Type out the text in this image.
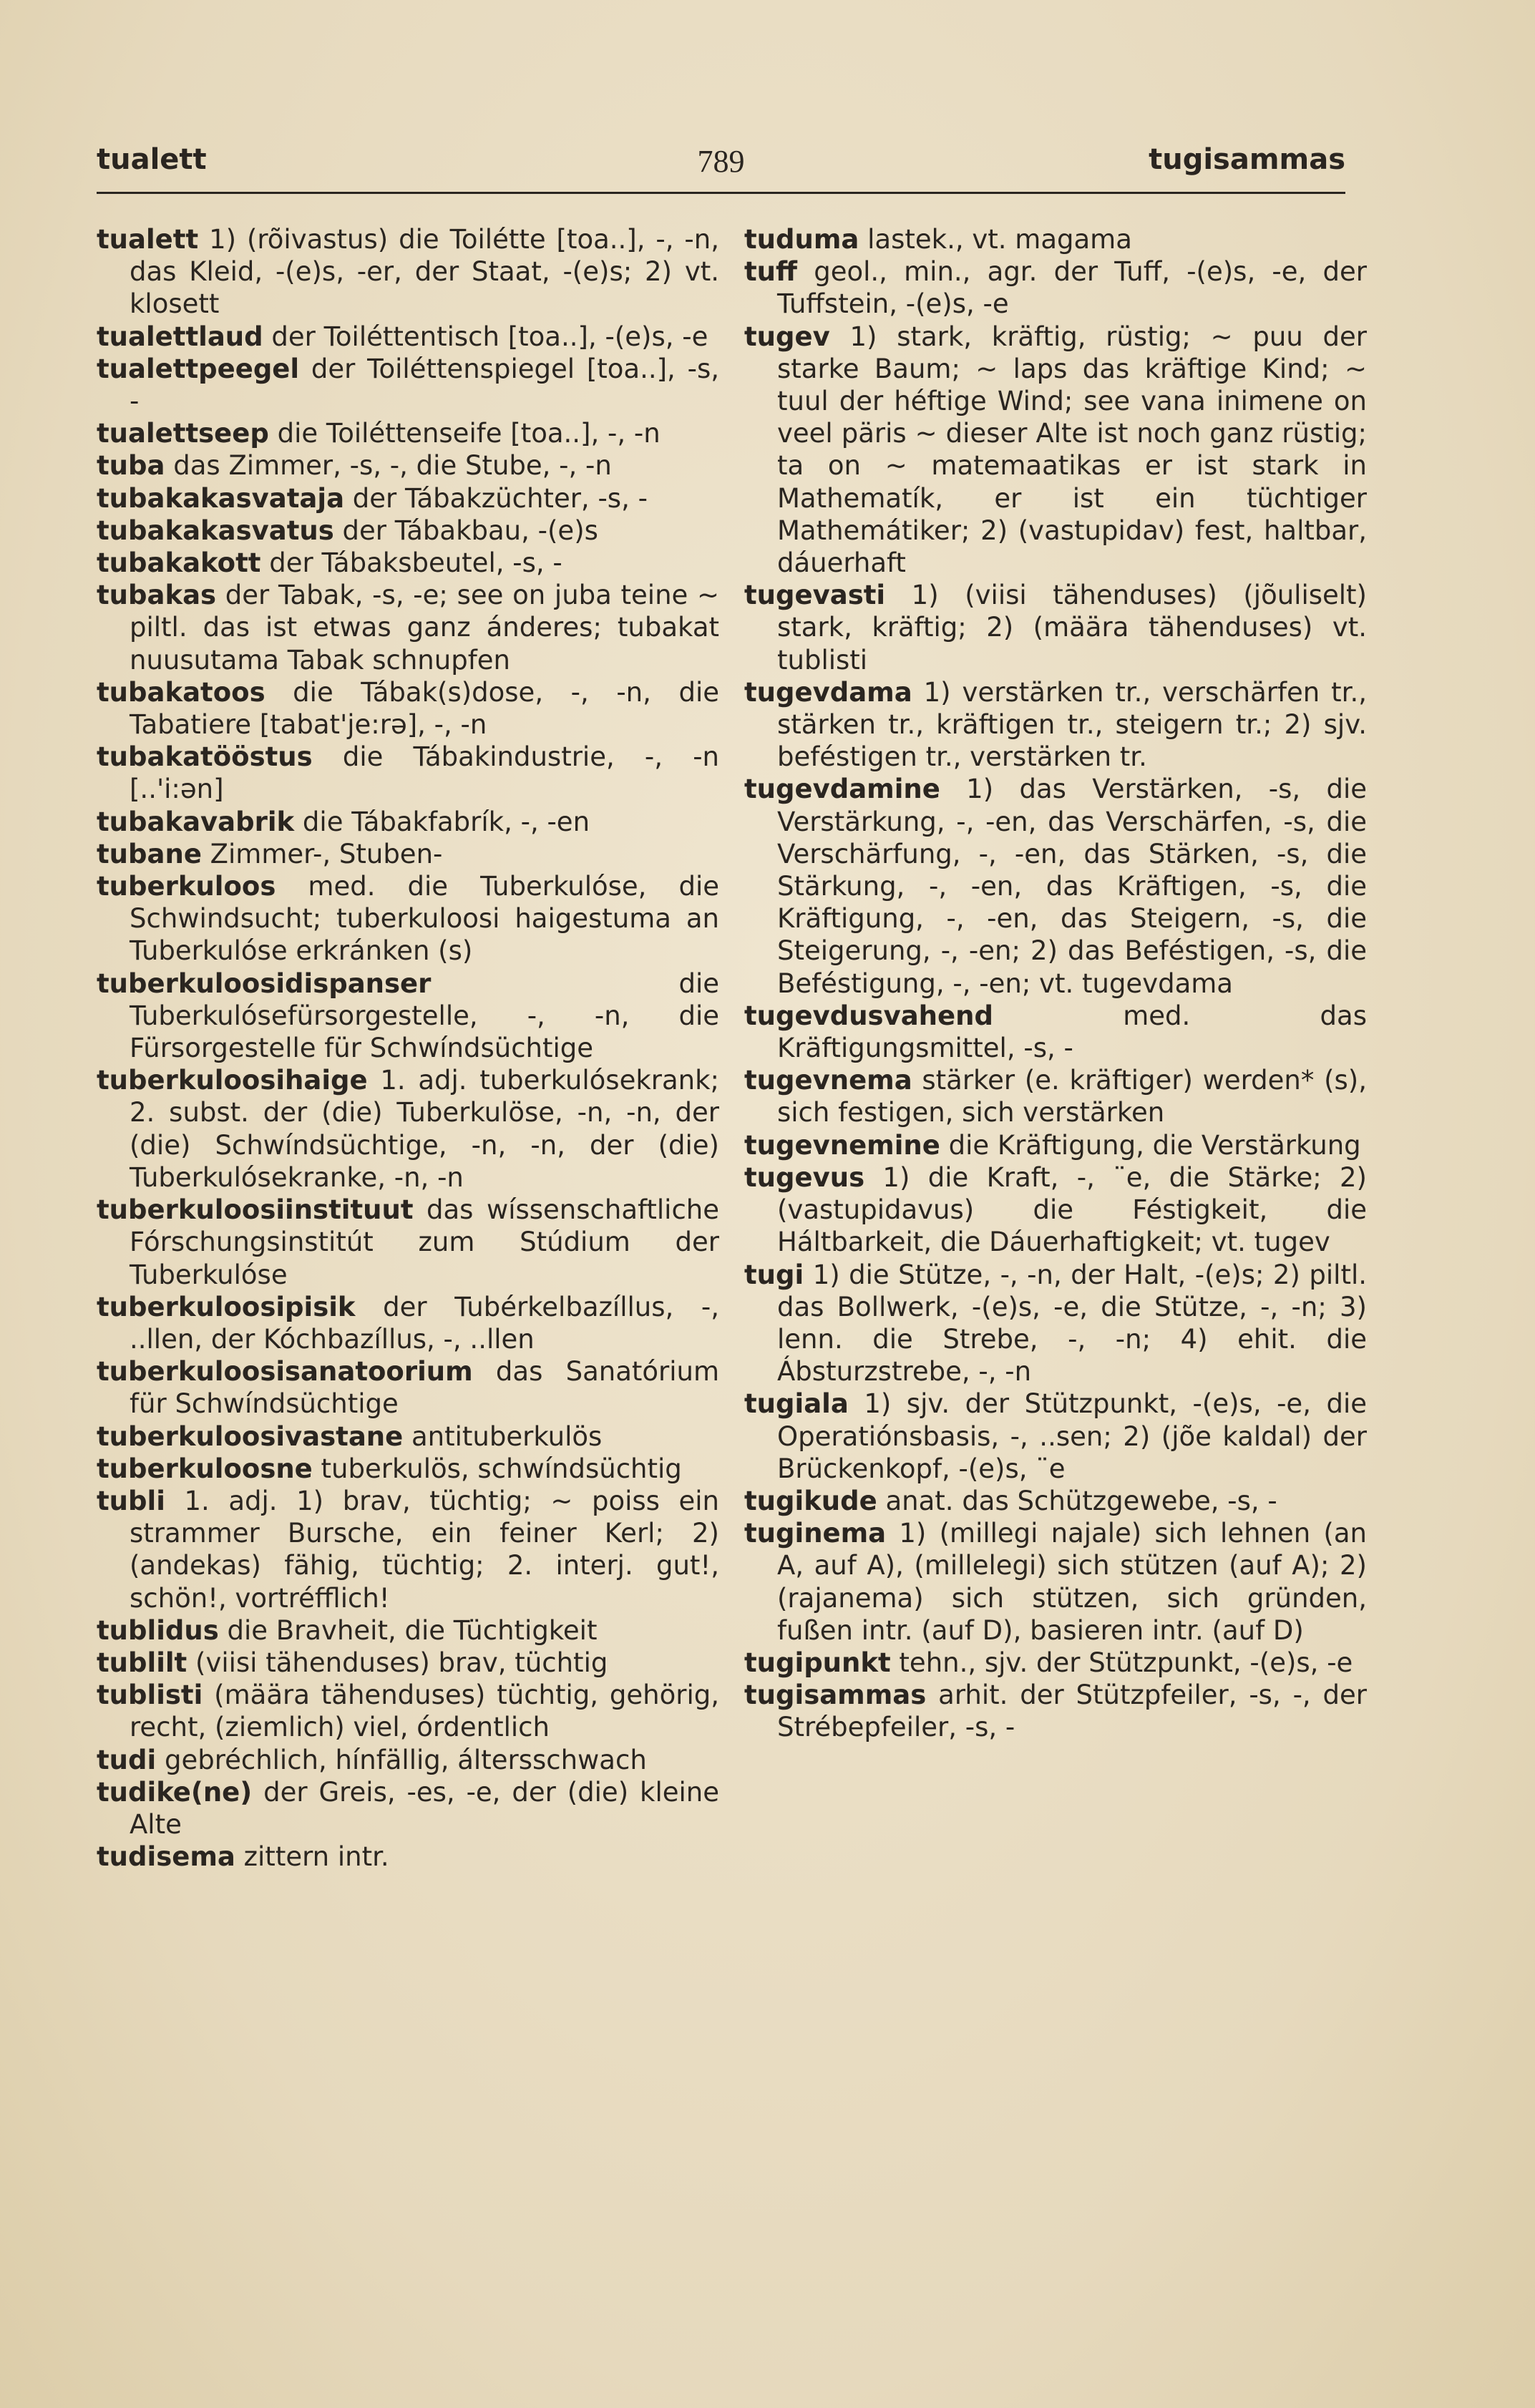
tualett	789	tugisammas

tualett 1) (rõivastus) die Toilétte [toa..], -, -n, das Kleid, -(e)s, -er, der Staat, -(e)s; 2) vt. klosett

tualettlaud der Toiléttentisch [toa..], -(e)s, -e

tualettpeegel der Toiléttenspiegel [toa..], -s, -

tualettseep die Toiléttenseife [toa..], -, -n

tuba das Zimmer, -s, -, die Stube, -, -n

tubakakasvataja der Tábakzüchter, -s, -

tubakakasvatus der Tábakbau, -(e)s

tubakakott der Tábaksbeutel, -s, -

tubakas der Tabak, -s, -e; see on juba teine ~ piltl. das ist etwas ganz ánderes; tubakat nuusutama Tabak schnupfen

tubakatoos die Tábak(s)dose, -, -n, die Tabatiere [tabat'je:rə], -, -n

tubakatööstus die Tábakindustrie, -, -n [..'i:ən]

tubakavabrik die Tábakfabrík, -, -en

tubane Zimmer-, Stuben-

tuberkuloos med. die Tuberkulóse, die Schwindsucht; tuberkuloosi haigestuma an Tuberkulóse erkránken (s)

tuberkuloosidispanser die Tuberkulósefürsorgestelle, -, -n, die Fürsorgestelle für Schwíndsüchtige

tuberkuloosihaige 1. adj. tuberkulósekrank; 2. subst. der (die) Tuberkulöse, -n, -n, der (die) Schwíndsüchtige, -n, -n, der (die) Tuberkulósekranke, -n, -n

tuberkuloosiinstituut das wíssenschaftliche Fórschungsinstitút zum Stúdium der Tuberkulóse

tuberkuloosipisik der Tubérkelbazíllus, -, ..llen, der Kóchbazíllus, -, ..llen

tuberkuloosisanatoorium das Sanatórium für Schwíndsüchtige

tuberkuloosivastane antituberkulös

tuberkuloosne tuberkulös, schwíndsüchtig

tubli 1. adj. 1) brav, tüchtig; ~ poiss ein strammer Bursche, ein feiner Kerl; 2) (andekas) fähig, tüchtig; 2. interj. gut!, schön!, vortréfflich!

tublidus die Bravheit, die Tüchtigkeit

tublilt (viisi tähenduses) brav, tüchtig

tublisti (määra tähenduses) tüchtig, gehörig, recht, (ziemlich) viel, órdentlich

tudi gebréchlich, hínfällig, áltersschwach

tudike(ne) der Greis, -es, -e, der (die) kleine Alte

tudisema zittern intr.

tuduma lastek., vt. magama

tuff geol., min., agr. der Tuff, -(e)s, -e, der Tuffstein, -(e)s, -e

tugev 1) stark, kräftig, rüstig; ~ puu der starke Baum; ~ laps das kräftige Kind; ~ tuul der héftige Wind; see vana inimene on veel päris ~ dieser Alte ist noch ganz rüstig; ta on ~ matemaatikas er ist stark in Mathematík, er ist ein tüchtiger Mathemátiker; 2) (vastupidav) fest, haltbar, dáuerhaft

tugevasti 1) (viisi tähenduses) (jõuliselt) stark, kräftig; 2) (määra tähenduses) vt. tublisti

tugevdama 1) verstärken tr., verschärfen tr., stärken tr., kräftigen tr., steigern tr.; 2) sjv. beféstigen tr., verstärken tr.

tugevdamine 1) das Verstärken, -s, die Verstärkung, -, -en, das Verschärfen, -s, die Verschärfung, -, -en, das Stärken, -s, die Stärkung, -, -en, das Kräftigen, -s, die Kräftigung, -, -en, das Steigern, -s, die Steigerung, -, -en; 2) das Beféstigen, -s, die Beféstigung, -, -en; vt. tugevdama

tugevdusvahend med. das Kräftigungsmittel, -s, -

tugevnema stärker (e. kräftiger) werden* (s), sich festigen, sich verstärken

tugevnemine die Kräftigung, die Verstärkung

tugevus 1) die Kraft, -, ¨e, die Stärke; 2) (vastupidavus) die Féstigkeit, die Háltbarkeit, die Dáuerhaftigkeit; vt. tugev

tugi 1) die Stütze, -, -n, der Halt, -(e)s; 2) piltl. das Bollwerk, -(e)s, -e, die Stütze, -, -n; 3) lenn. die Strebe, -, -n; 4) ehit. die Ábsturzstrebe, -, -n

tugiala 1) sjv. der Stützpunkt, -(e)s, -e, die Operatiónsbasis, -, ..sen; 2) (jõe kaldal) der Brückenkopf, -(e)s, ¨e

tugikude anat. das Schützgewebe, -s, -

tuginema 1) (millegi najale) sich lehnen (an A, auf A), (millelegi) sich stützen (auf A); 2) (rajanema) sich stützen, sich gründen, fußen intr. (auf D), basieren intr. (auf D)

tugipunkt tehn., sjv. der Stützpunkt, -(e)s, -e

tugisammas arhit. der Stützpfeiler, -s, -, der Strébepfeiler, -s, -
